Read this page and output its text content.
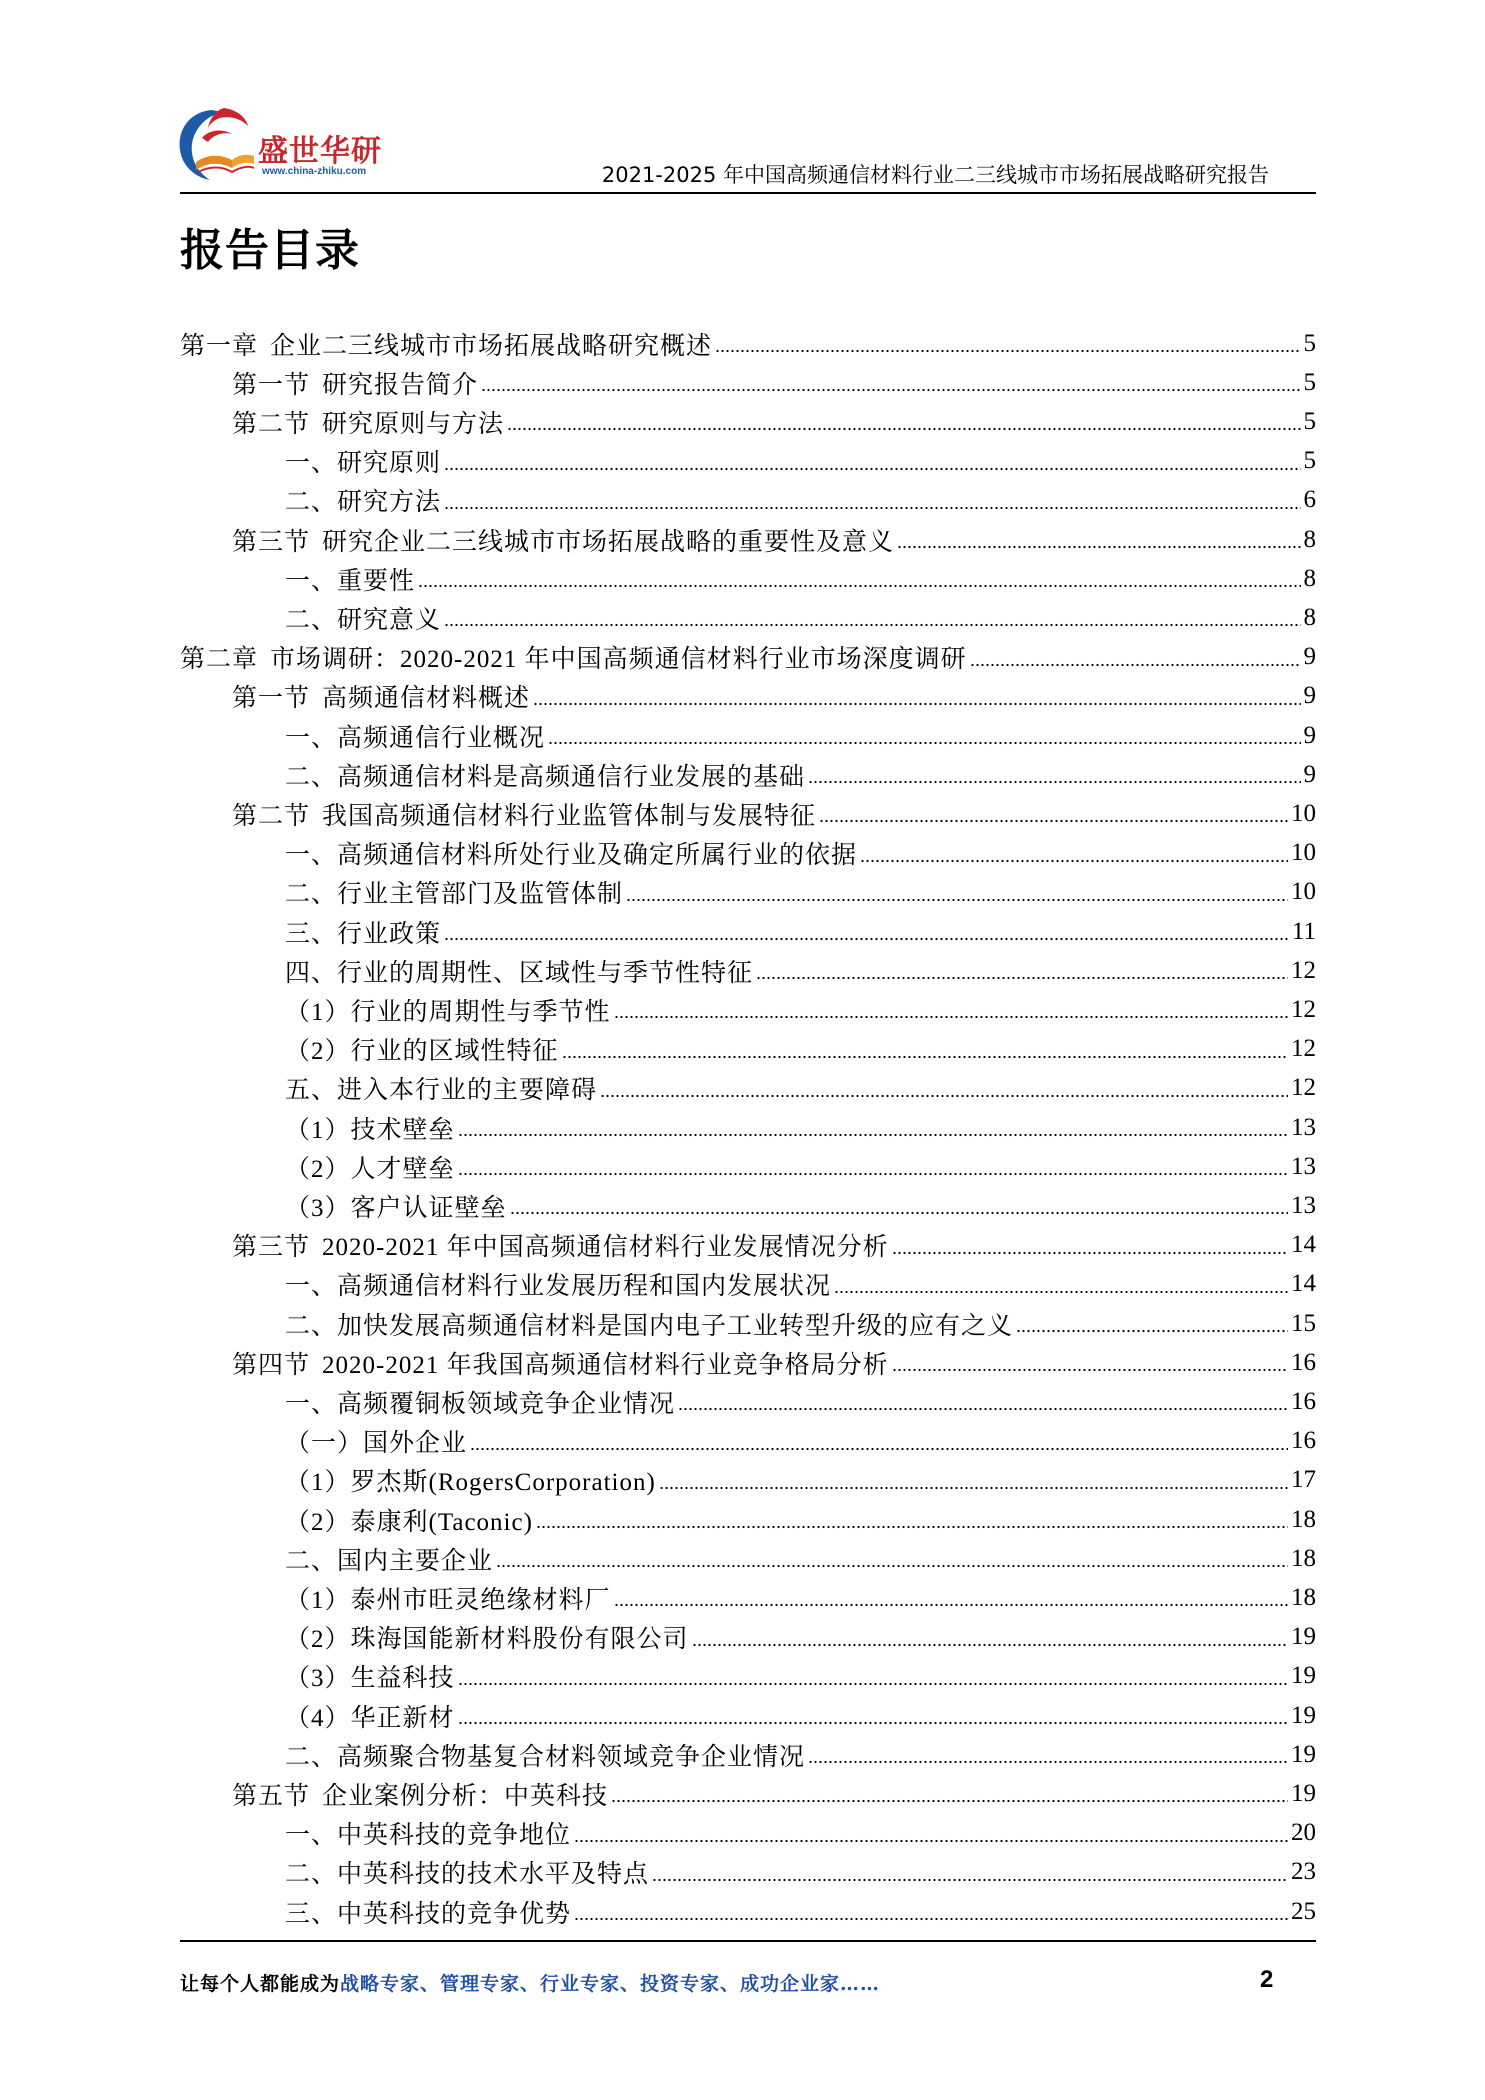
盛世华研
www.china-zhiku.com	2021-2025 年中国高频通信材料行业二三线城市市场拓展战略研究报告
报告目录
第一章 企业二三线城市市场拓展战略研究概述	5
第一节 研究报告简介	5
第二节 研究原则与方法	5
一、研究原则	5
二、研究方法	6
第三节 研究企业二三线城市市场拓展战略的重要性及意义	8
一、重要性	8
二、研究意义	8
第二章 市场调研：2020-2021 年中国高频通信材料行业市场深度调研	9
第一节 高频通信材料概述	9
一、高频通信行业概况	9
二、高频通信材料是高频通信行业发展的基础	9
第二节 我国高频通信材料行业监管体制与发展特征	10
一、高频通信材料所处行业及确定所属行业的依据	10
二、行业主管部门及监管体制	10
三、行业政策	11
四、行业的周期性、区域性与季节性特征	12
（1）行业的周期性与季节性	12
（2）行业的区域性特征	12
五、进入本行业的主要障碍	12
（1）技术壁垒	13
（2）人才壁垒	13
（3）客户认证壁垒	13
第三节 2020-2021 年中国高频通信材料行业发展情况分析	14
一、高频通信材料行业发展历程和国内发展状况	14
二、加快发展高频通信材料是国内电子工业转型升级的应有之义	15
第四节 2020-2021 年我国高频通信材料行业竞争格局分析	16
一、高频覆铜板领域竞争企业情况	16
（一）国外企业	16
（1）罗杰斯(RogersCorporation)	17
（2）泰康利(Taconic)	18
二、国内主要企业	18
（1）泰州市旺灵绝缘材料厂	18
（2）珠海国能新材料股份有限公司	19
（3）生益科技	19
（4）华正新材	19
二、高频聚合物基复合材料领域竞争企业情况	19
第五节 企业案例分析：中英科技	19
一、中英科技的竞争地位	20
二、中英科技的技术水平及特点	23
三、中英科技的竞争优势	25
让每个人都能成为战略专家、管理专家、行业专家、投资专家、成功企业家……	2
